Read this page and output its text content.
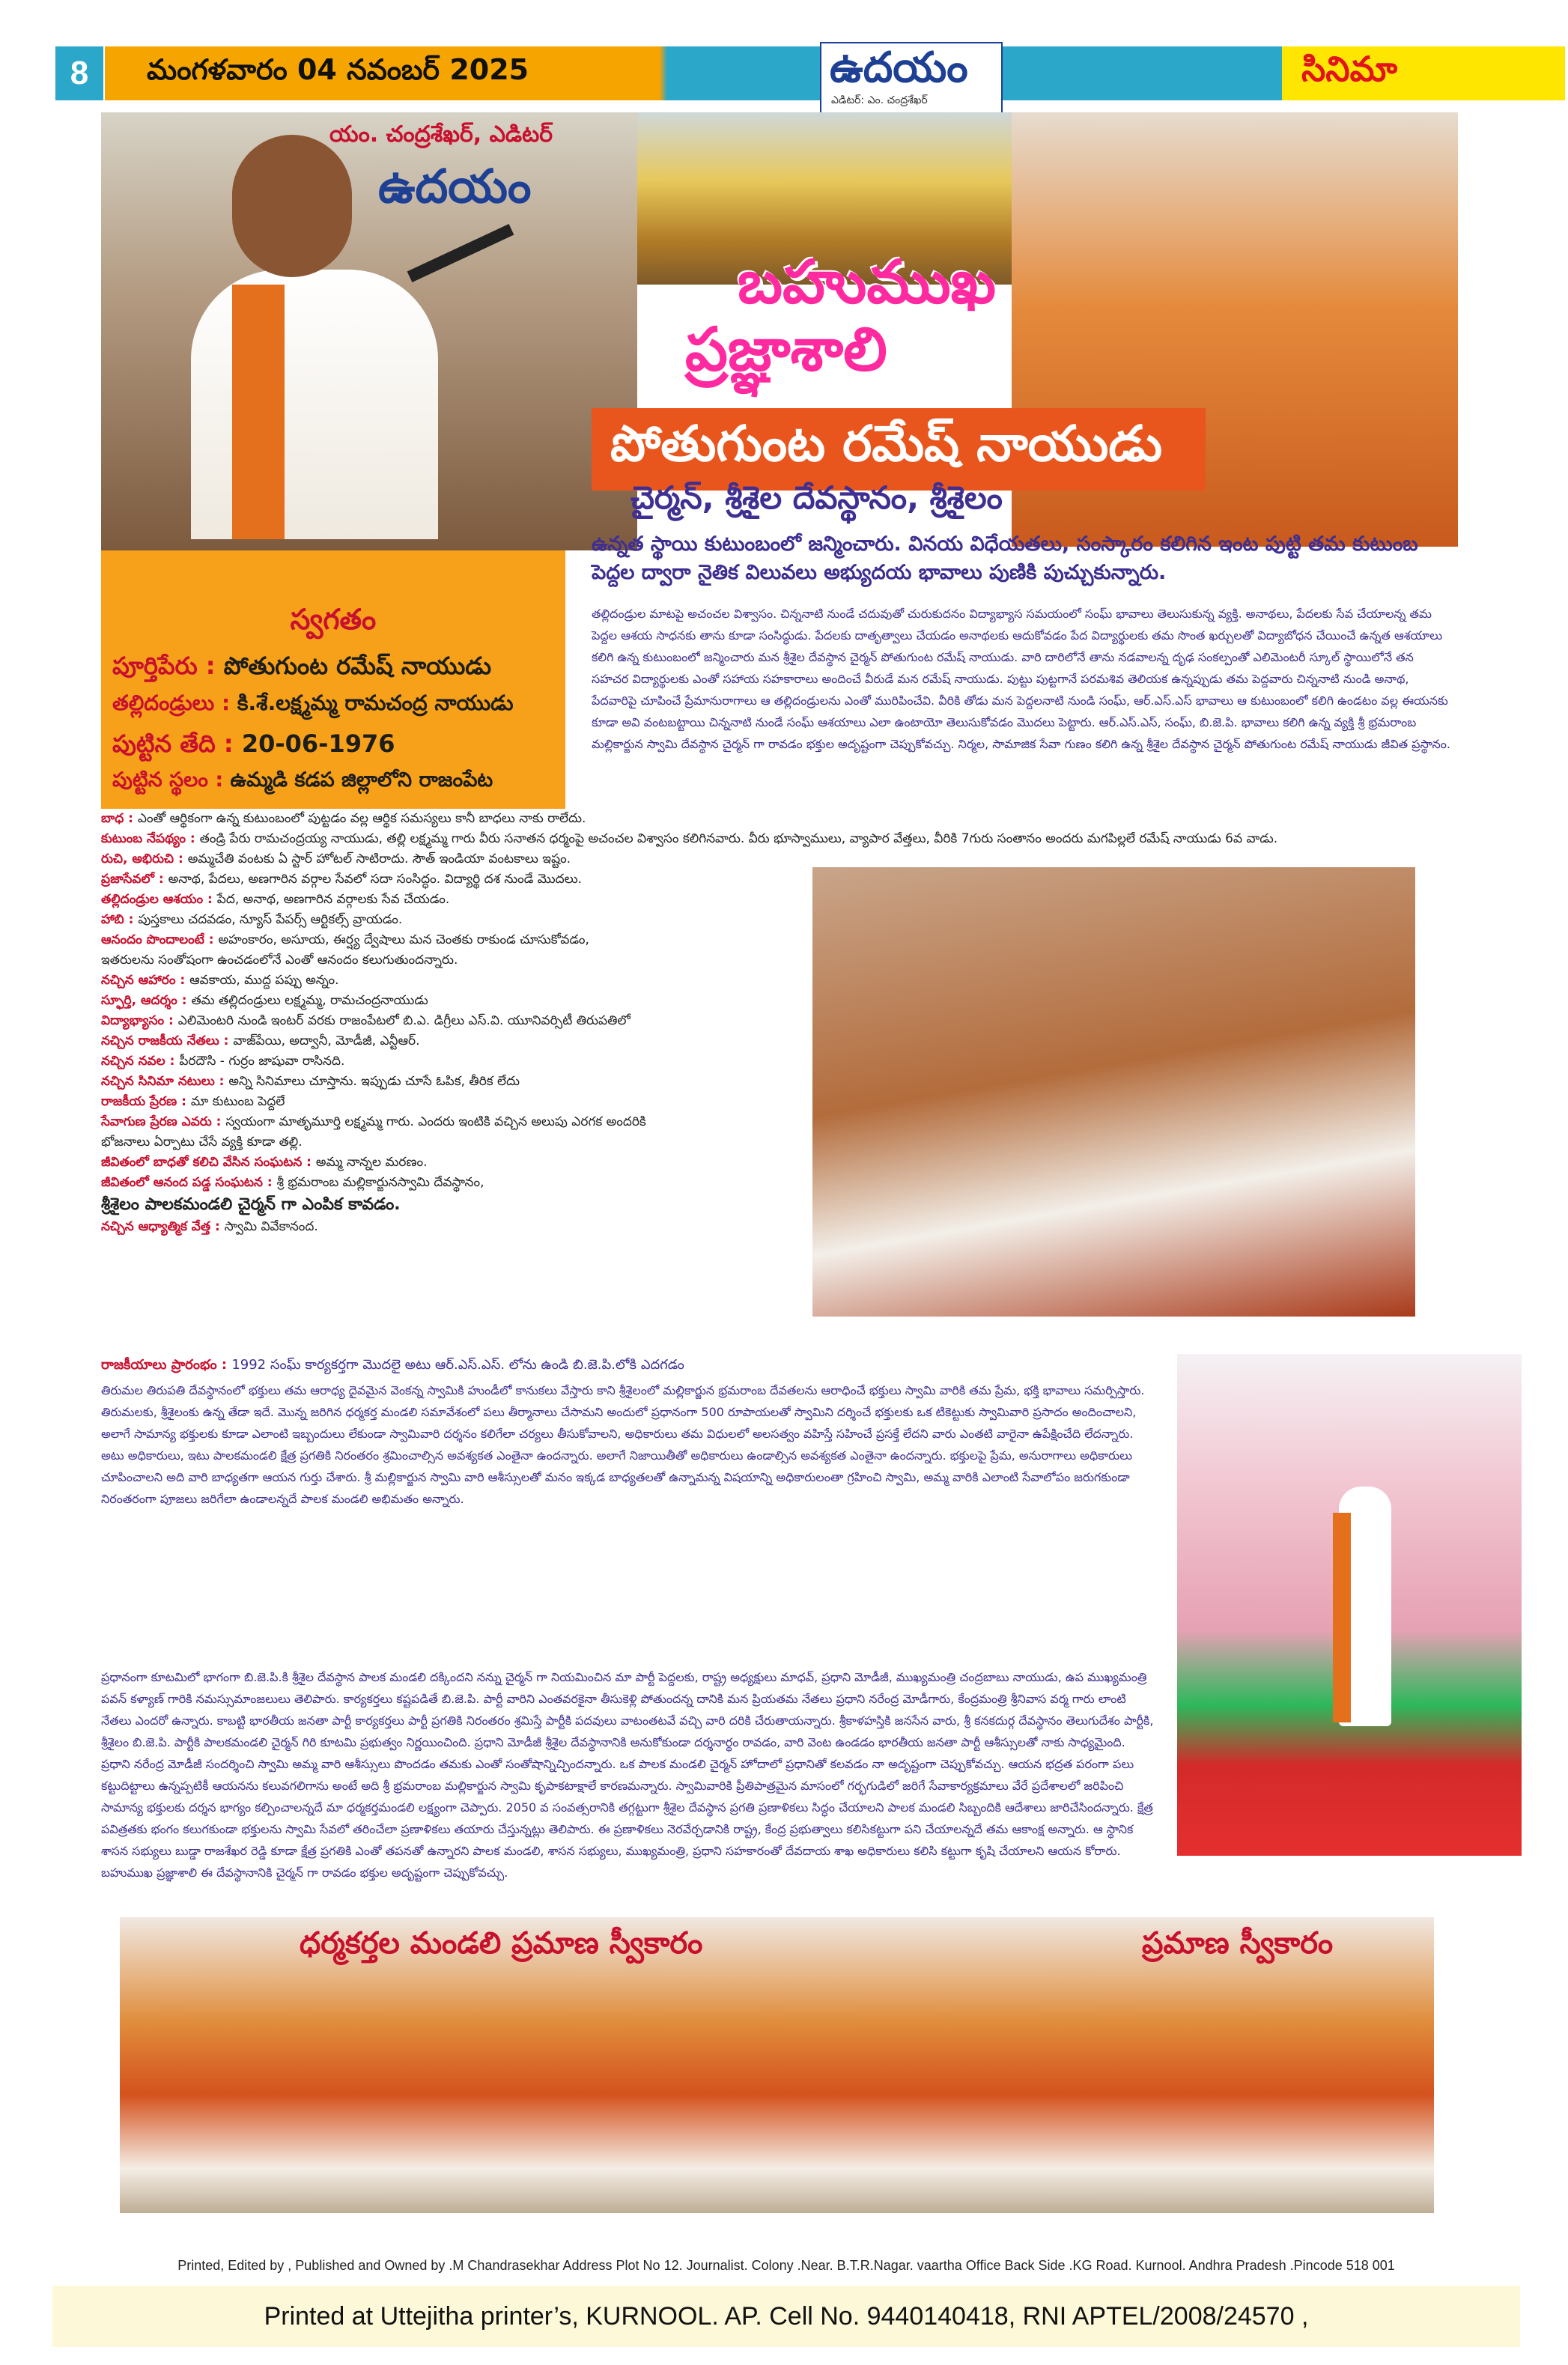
8	మంగళవారం 04 నవంబర్ 2025	ఉదయం
ఎడిటర్: ఎం. చంద్రశేఖర్
సినిమా
యం. చంద్రశేఖర్, ఎడిటర్
ఉదయం
బహుముఖ
ప్రజ్ఞాశాలి
పోతుగుంట రమేష్ నాయుడు
చైర్మన్, శ్రీశైల దేవస్థానం, శ్రీశైలం
స్వగతం
పూర్తిపేరు : పోతుగుంట రమేష్ నాయుడు
తల్లిదండ్రులు : కి.శే.లక్ష్మమ్మ రామచంద్ర నాయుడు
పుట్టిన తేది : 20-06-1976
పుట్టిన స్థలం : ఉమ్మడి కడప జిల్లాలోని రాజంపేట
ఉన్నత స్థాయి కుటుంబంలో జన్మించారు. వినయ విధేయతలు, సంస్కారం కలిగిన ఇంట పుట్టి తమ కుటుంబ పెద్దల ద్వారా నైతిక విలువలు అభ్యుదయ భావాలు పుణికి పుచ్చుకున్నారు.
తల్లిదండ్రుల మాటపై అచంచల విశ్వాసం. చిన్ననాటి నుండే చదువుతో చురుకుదనం విద్యాభ్యాస సమయంలో సంఘ్ భావాలు తెలుసుకున్న వ్యక్తి. అనాథలు, పేదలకు సేవ చేయాలన్న తమ పెద్దల ఆశయ సాధనకు తాను కూడా సంసిద్ధుడు. పేదలకు దాతృత్వాలు చేయడం అనాథలకు ఆదుకోవడం పేద విద్యార్థులకు తమ సొంత ఖర్చులతో విద్యాబోధన చేయించే ఉన్నత ఆశయాలు కలిగి ఉన్న కుటుంబంలో జన్మించారు మన శ్రీశైల దేవస్థాన చైర్మన్ పోతుగుంట రమేష్ నాయుడు. వారి దారిలోనే తాను నడవాలన్న దృఢ సంకల్పంతో ఎలిమెంటరీ స్కూల్ స్థాయిలోనే తన సహచర విద్యార్థులకు ఎంతో సహాయ సహకారాలు అందించే వీరుడే మన రమేష్ నాయుడు. పుట్టు పుట్టగానే పరమశివ తెలియక ఉన్నప్పుడు తమ పెద్దవారు చిన్ననాటి నుండి అనాథ, పేదవారిపై చూపించే ప్రేమానురాగాలు ఆ తల్లిదండ్రులను ఎంతో మురిపించేవి. వీరికి తోడు మన పెద్దలనాటి నుండి సంఘ్, ఆర్.ఎస్.ఎస్ భావాలు ఆ కుటుంబంలో కలిగి ఉండటం వల్ల ఈయనకు కూడా అవి వంటబట్టాయి చిన్ననాటి నుండే సంఘ్ ఆశయాలు ఎలా ఉంటాయో తెలుసుకోవడం మొదలు పెట్టారు. ఆర్.ఎస్.ఎస్, సంఘ్, బి.జె.పి. భావాలు కలిగి ఉన్న వ్యక్తి శ్రీ భ్రమరాంబ మల్లికార్జున స్వామి దేవస్థాన చైర్మన్ గా రావడం భక్తుల అదృష్టంగా చెప్పుకోవచ్చు. నిర్మల, సామాజిక సేవా గుణం కలిగి ఉన్న శ్రీశైల దేవస్థాన చైర్మన్ పోతుగుంట రమేష్ నాయుడు జీవిత ప్రస్థానం.
బాధ : ఎంతో ఆర్థికంగా ఉన్న కుటుంబంలో పుట్టడం వల్ల ఆర్థిక సమస్యలు కానీ బాధలు నాకు రాలేదు.
కుటుంబ నేపథ్యం : తండ్రి పేరు రామచంద్రయ్య నాయుడు, తల్లి లక్ష్మమ్మ గారు వీరు సనాతన ధర్మంపై అచంచల విశ్వాసం కలిగినవారు. వీరు భూస్వాములు, వ్యాపార వేత్తలు, వీరికి 7గురు సంతానం అందరు మగపిల్లలే రమేష్ నాయుడు 6వ వాడు.
రుచి, అభిరుచి : అమ్మచేతి వంటకు ఏ స్టార్ హోటల్ సాటిరాదు. సౌత్ ఇండియా వంటకాలు ఇష్టం.
ప్రజాసేవలో : అనాథ, పేదలు, అణగారిన వర్గాల సేవలో సదా సంసిద్ధం. విద్యార్థి దశ నుండే మొదలు.
తల్లిదండ్రుల ఆశయం : పేద, అనాథ, అణగారిన వర్గాలకు సేవ చేయడం.
హాబి : పుస్తకాలు చదవడం, న్యూస్ పేపర్స్ ఆర్టికల్స్ వ్రాయడం.
ఆనందం పొందాలంటే : అహంకారం, అసూయ, ఈర్ష్య ద్వేషాలు మన చెంతకు రాకుండ చూసుకోవడం,
ఇతరులను సంతోషంగా ఉంచడంలోనే ఎంతో ఆనందం కలుగుతుందన్నారు.
నచ్చిన ఆహారం : ఆవకాయ, ముద్ద పప్పు అన్నం.
స్ఫూర్తి, ఆదర్శం : తమ తల్లిదండ్రులు లక్ష్మమ్మ, రామచంద్రనాయుడు
విద్యాభ్యాసం : ఎలిమెంటరి నుండి ఇంటర్ వరకు రాజంపేటలో బి.ఎ. డిగ్రీలు ఎస్.వి. యూనివర్సిటీ తిరుపతిలో
నచ్చిన రాజకీయ నేతలు : వాజ్‌పేయి, అద్వానీ, మోడీజీ, ఎన్టీఆర్.
నచ్చిన నవల : పీరదౌసి - గుర్రం జాషువా రాసినది.
నచ్చిన సినిమా నటులు : అన్ని సినిమాలు చూస్తాను. ఇప్పుడు చూసే ఓపిక, తీరిక లేదు
రాజకీయ ప్రేరణ : మా కుటుంబ పెద్దలే
సేవాగుణ ప్రేరణ ఎవరు : స్వయంగా మాతృమూర్తి లక్ష్మమ్మ గారు. ఎందరు ఇంటికి వచ్చిన అలుపు ఎరగక అందరికి
భోజనాలు ఏర్పాటు చేసే వ్యక్తి కూడా తల్లి.
జీవితంలో బాధతో కలిచి వేసిన సంఘటన : అమ్మ నాన్నల మరణం.
జీవితంలో ఆనంద పడ్డ సంఘటన : శ్రీ భ్రమరాంబ మల్లికార్జునస్వామి దేవస్థానం,
శ్రీశైలం పాలకమండలి చైర్మన్ గా ఎంపిక కావడం.
నచ్చిన ఆధ్యాత్మిక వేత్త : స్వామి వివేకానంద.
రాజకీయాలు ప్రారంభం : 1992 సంఘ్ కార్యకర్తగా మొదలై అటు ఆర్.ఎస్.ఎస్. లోను ఉండి బి.జె.పి.లోకి ఎదగడం
తిరుమల తిరుపతి దేవస్థానంలో భక్తులు తమ ఆరాధ్య దైవమైన వెంకన్న స్వామికి హుండీలో కానుకలు వేస్తారు కాని శ్రీశైలంలో మల్లికార్జున భ్రమరాంబ దేవతలను ఆరాధించే భక్తులు స్వామి వారికి తమ ప్రేమ, భక్తి భావాలు సమర్పిస్తారు. తిరుమలకు, శ్రీశైలంకు ఉన్న తేడా ఇదే. మొన్న జరిగిన ధర్మకర్త మండలి సమావేశంలో పలు తీర్మానాలు చేసామని అందులో ప్రధానంగా 500 రూపాయలతో స్వామిని దర్శించే భక్తులకు ఒక టికెట్టుకు స్వామివారి ప్రసాదం అందించాలని, అలాగే సామాన్య భక్తులకు కూడా ఎలాంటి ఇబ్బందులు లేకుండా స్వామివారి దర్శనం కలిగేలా చర్యలు తీసుకోవాలని, అధికారులు తమ విధులలో అలసత్వం వహిస్తే సహించే ప్రసక్తే లేదని వారు ఎంతటి వారైనా ఉపేక్షించేది లేదన్నారు. అటు అధికారులు, ఇటు పాలకమండలి క్షేత్ర ప్రగతికి నిరంతరం శ్రమించాల్సిన అవశ్యకత ఎంతైనా ఉందన్నారు. అలాగే నిజాయితీతో అధికారులు ఉండాల్సిన అవశ్యకత ఎంతైనా ఉందన్నారు. భక్తులపై ప్రేమ, అనురాగాలు అధికారులు చూపించాలని అది వారి బాధ్యతగా ఆయన గుర్తు చేశారు. శ్రీ మల్లికార్జున స్వామి వారి ఆశీస్సులతో మనం ఇక్కడ బాధ్యతలతో ఉన్నామన్న విషయాన్ని అధికారులంతా గ్రహించి స్వామి, అమ్మ వారికి ఎలాంటి సేవాలోపం జరుగకుండా నిరంతరంగా పూజలు జరిగేలా ఉండాలన్నదే పాలక మండలి అభిమతం అన్నారు.
ప్రధానంగా కూటమిలో భాగంగా బి.జె.పి.కి శ్రీశైల దేవస్థాన పాలక మండలి దక్కిందని నన్ను చైర్మన్ గా నియమించిన మా పార్టీ పెద్దలకు, రాష్ట్ర అధ్యక్షులు మాధవ్, ప్రధాని మోడీజీ, ముఖ్యమంత్రి చంద్రబాబు నాయుడు, ఉప ముఖ్యమంత్రి పవన్ కళ్యాణ్ గారికి నమస్సుమాంజలులు తెలిపారు. కార్యకర్తలు కష్టపడితే బి.జె.పి. పార్టీ వారిని ఎంతవరకైనా తీసుకెళ్లి పోతుందన్న దానికి మన ప్రియతమ నేతలు ప్రధాని నరేంద్ర మోడీగారు, కేంద్రమంత్రి శ్రీనివాస వర్మ గారు లాంటి నేతలు ఎందరో ఉన్నారు. కాబట్టి భారతీయ జనతా పార్టీ కార్యకర్తలు పార్టీ ప్రగతికి నిరంతరం శ్రమిస్తే పార్టీకి పదవులు వాటంతటవే వచ్చి వారి దరికి చేరుతాయన్నారు. శ్రీకాళహస్తికి జనసేన వారు, శ్రీ కనకదుర్గ దేవస్థానం తెలుగుదేశం పార్టీకి, శ్రీశైలం బి.జె.పి. పార్టీకి పాలకమండలి చైర్మన్ గిరి కూటమి ప్రభుత్వం నిర్ణయించింది. ప్రధాని మోడీజీ శ్రీశైల దేవస్థానానికి అనుకోకుండా దర్శనార్థం రావడం, వారి వెంట ఉండడం భారతీయ జనతా పార్టీ ఆశీస్సులతో నాకు సాధ్యమైంది. ప్రధాని నరేంద్ర మోడీజీ సందర్శించి స్వామి అమ్మ వారి ఆశీస్సులు పొందడం తమకు ఎంతో సంతోషాన్నిచ్చిందన్నారు. ఒక పాలక మండలి చైర్మన్ హోదాలో ప్రధానితో కలవడం నా అదృష్టంగా చెప్పుకోవచ్చు. ఆయన భద్రత పరంగా పలు కట్టుదిట్టాలు ఉన్నప్పటికీ ఆయనను కలువగలిగాను అంటే అది శ్రీ భ్రమరాంబ మల్లికార్జున స్వామి కృపాకటాక్షాలే కారణమన్నారు. స్వామివారికి ప్రీతిపాత్రమైన మాసంలో గర్భగుడిలో జరిగే సేవాకార్యక్రమాలు వేరే ప్రదేశాలలో జరిపించి సామాన్య భక్తులకు దర్శన భాగ్యం కల్పించాలన్నదే మా ధర్మకర్తమండలి లక్ష్యంగా చెప్పారు. 2050 వ సంవత్సరానికి తగ్గట్టుగా శ్రీశైల దేవస్థాన ప్రగతి ప్రణాళికలు సిద్ధం చేయాలని పాలక మండలి సిబ్బందికి ఆదేశాలు జారిచేసిందన్నారు. క్షేత్ర పవిత్రతకు భంగం కలుగకుండా భక్తులను స్వామి సేవలో తరించేలా ప్రణాళికలు తయారు చేస్తున్నట్లు తెలిపారు. ఈ ప్రణాళికలు నెరవేర్చడానికి రాష్ట్ర, కేంద్ర ప్రభుత్వాలు కలిసికట్టుగా పని చేయాలన్నదే తమ ఆకాంక్ష అన్నారు. ఆ స్థానిక శాసన సభ్యులు బుడ్డా రాజశేఖర రెడ్డి కూడా క్షేత్ర ప్రగతికి ఎంతో తపనతో ఉన్నారని పాలక మండలి, శాసన సభ్యులు, ముఖ్యమంత్రి, ప్రధాని సహకారంతో దేవదాయ శాఖ అధికారులు కలిసి కట్టుగా కృషి చేయాలని ఆయన కోరారు. బహుముఖ ప్రజ్ఞాశాలి ఈ దేవస్థానానికి చైర్మన్ గా రావడం భక్తుల అదృష్టంగా చెప్పుకోవచ్చు.
ధర్మకర్తల మండలి ప్రమాణ స్వీకారం	ప్రమాణ స్వీకారం
Printed, Edited by , Published and Owned by .M Chandrasekhar Address Plot No 12. Journalist. Colony .Near. B.T.R.Nagar. vaartha Office Back Side .KG Road. Kurnool. Andhra Pradesh .Pincode 518 001
Printed at Uttejitha printer’s, KURNOOL. AP. Cell No. 9440140418, RNI APTEL/2008/24570 ,
